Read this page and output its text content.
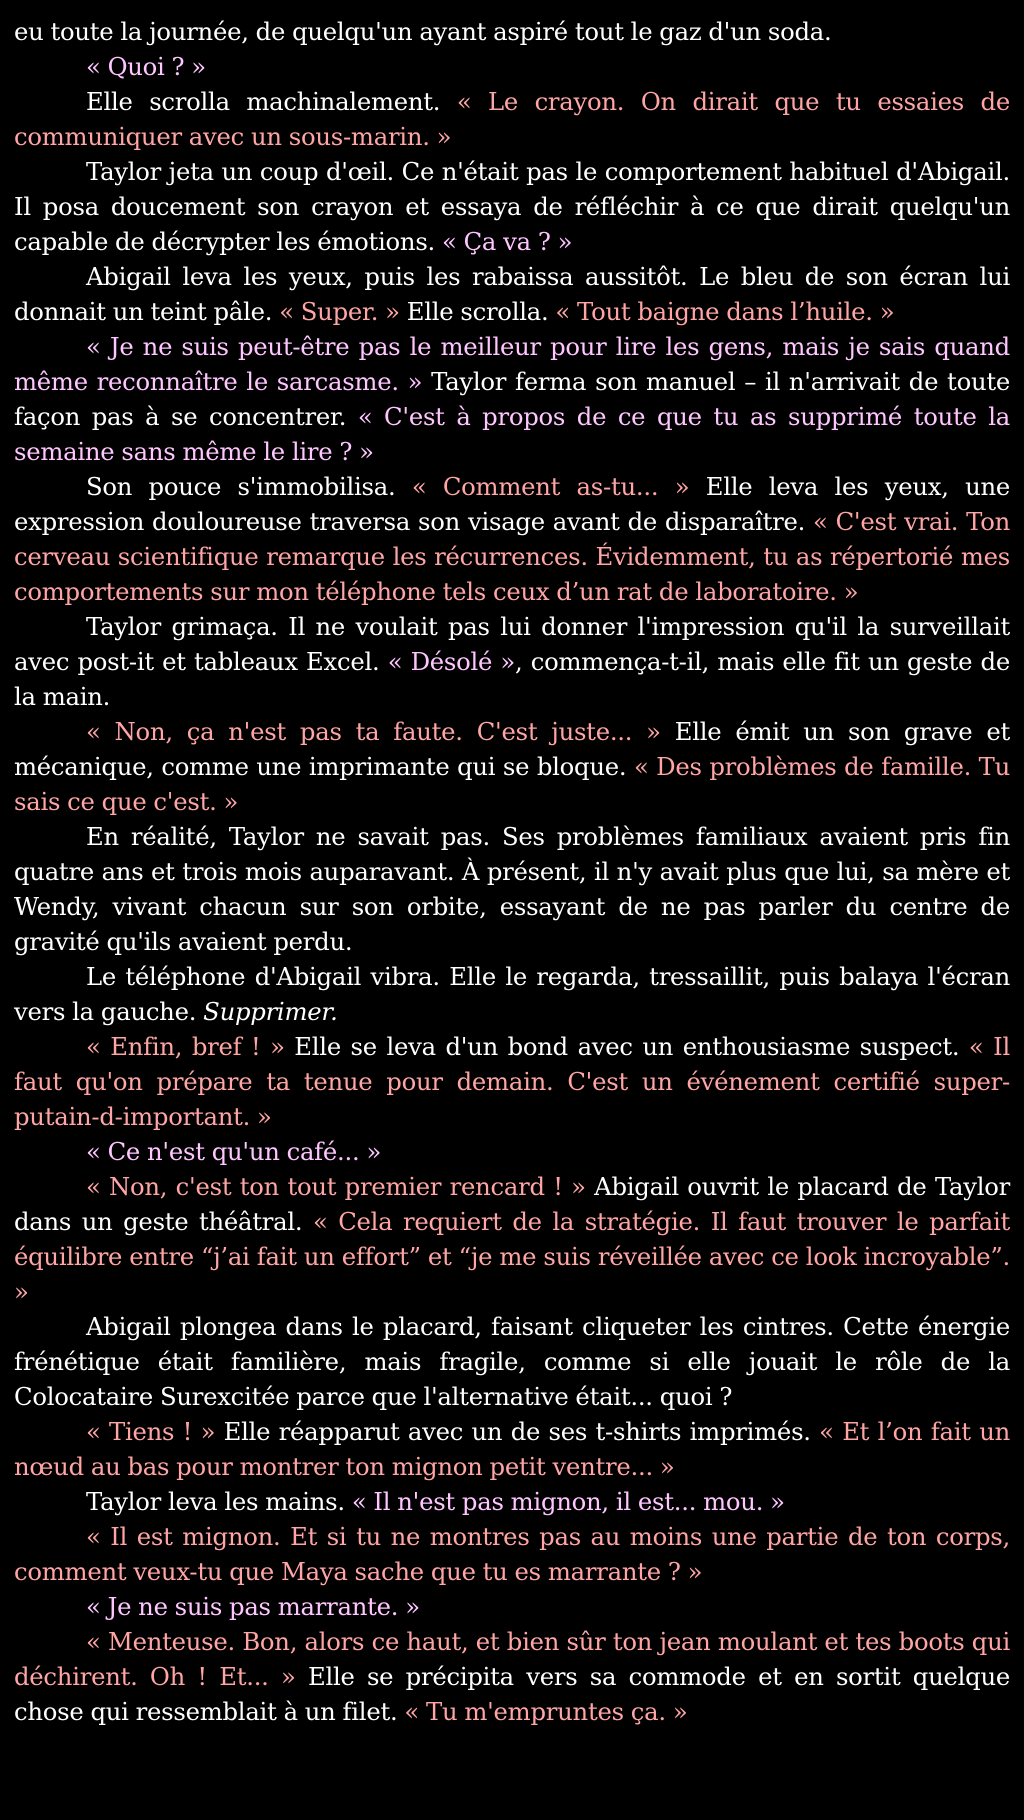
eu toute la journée, de quelqu'un ayant aspiré tout le gaz d'un soda.

« Quoi ? »

Elle scrolla machinalement. « Le crayon. On dirait que tu essaies de communiquer avec un sous-marin. »

Taylor jeta un coup d'œil. Ce n'était pas le comportement habituel d'Abigail. Il posa doucement son crayon et essaya de réfléchir à ce que dirait quelqu'un capable de décrypter les émotions. « Ça va ? »

Abigail leva les yeux, puis les rabaissa aussitôt. Le bleu de son écran lui donnait un teint pâle. « Super. » Elle scrolla. « Tout baigne dans l’huile. »

« Je ne suis peut-être pas le meilleur pour lire les gens, mais je sais quand même reconnaître le sarcasme. » Taylor ferma son manuel – il n'arrivait de toute façon pas à se concentrer. « C'est à propos de ce que tu as supprimé toute la semaine sans même le lire ? »

Son pouce s'immobilisa. « Comment as-tu... » Elle leva les yeux, une expression douloureuse traversa son visage avant de disparaître. « C'est vrai. Ton cerveau scientifique remarque les récurrences. Évidemment, tu as répertorié mes comportements sur mon téléphone tels ceux d’un rat de laboratoire. »

Taylor grimaça. Il ne voulait pas lui donner l'impression qu'il la surveillait avec post-it et tableaux Excel. « Désolé », commença-t-il, mais elle fit un geste de la main.

« Non, ça n'est pas ta faute. C'est juste... » Elle émit un son grave et mécanique, comme une imprimante qui se bloque. « Des problèmes de famille. Tu sais ce que c'est. »

En réalité, Taylor ne savait pas. Ses problèmes familiaux avaient pris fin quatre ans et trois mois auparavant. À présent, il n'y avait plus que lui, sa mère et Wendy, vivant chacun sur son orbite, essayant de ne pas parler du centre de gravité qu'ils avaient perdu.

Le téléphone d'Abigail vibra. Elle le regarda, tressaillit, puis balaya l'écran vers la gauche. Supprimer.

« Enfin, bref ! » Elle se leva d'un bond avec un enthousiasme suspect. « Il faut qu'on prépare ta tenue pour demain. C'est un événement certifié super-putain-d-important. »

« Ce n'est qu'un café... »

« Non, c'est ton tout premier rencard ! » Abigail ouvrit le placard de Taylor dans un geste théâtral. « Cela requiert de la stratégie. Il faut trouver le parfait équilibre entre “j’ai fait un effort” et “je me suis réveillée avec ce look incroyable”. »

Abigail plongea dans le placard, faisant cliqueter les cintres. Cette énergie frénétique était familière, mais fragile, comme si elle jouait le rôle de la Colocataire Surexcitée parce que l'alternative était... quoi ?

« Tiens ! » Elle réapparut avec un de ses t-shirts imprimés. « Et l’on fait un nœud au bas pour montrer ton mignon petit ventre... »

Taylor leva les mains. « Il n'est pas mignon, il est... mou. »

« Il est mignon. Et si tu ne montres pas au moins une partie de ton corps, comment veux-tu que Maya sache que tu es marrante ? »

« Je ne suis pas marrante. »

« Menteuse. Bon, alors ce haut, et bien sûr ton jean moulant et tes boots qui déchirent. Oh ! Et... » Elle se précipita vers sa commode et en sortit quelque chose qui ressemblait à un filet. « Tu m'empruntes ça. »
